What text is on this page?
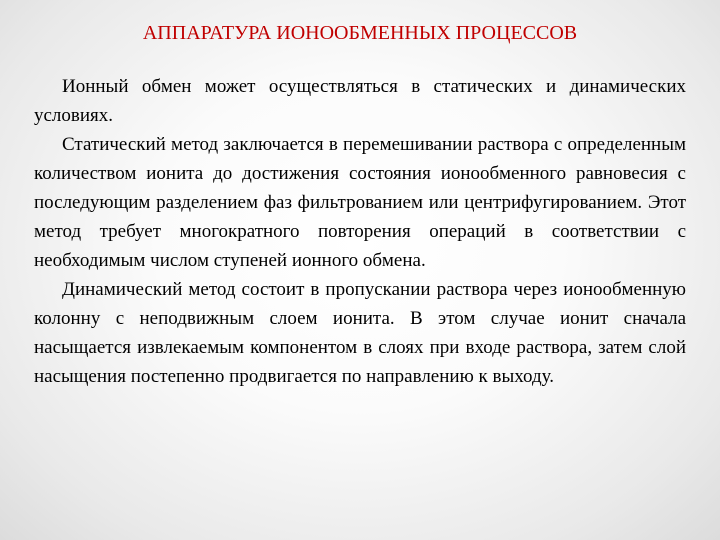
АППАРАТУРА ИОНООБМЕННЫХ ПРОЦЕССОВ

Ионный обмен может осуществляться в статических и динамических условиях.

Статический метод заключается в перемешивании раствора с определенным количеством ионита до достижения состояния ионообменного равновесия с последующим разделением фаз фильтрованием или центрифугированием. Этот метод требует многократного повторения операций в соответствии с необходимым числом ступеней ионного обмена.

Динамический метод состоит в пропускании раствора через ионообменную колонну с неподвижным слоем ионита. В этом случае ионит сначала насыщается извлекаемым компонентом в слоях при входе раствора, затем слой насыщения постепенно продвигается по направлению к выходу.
